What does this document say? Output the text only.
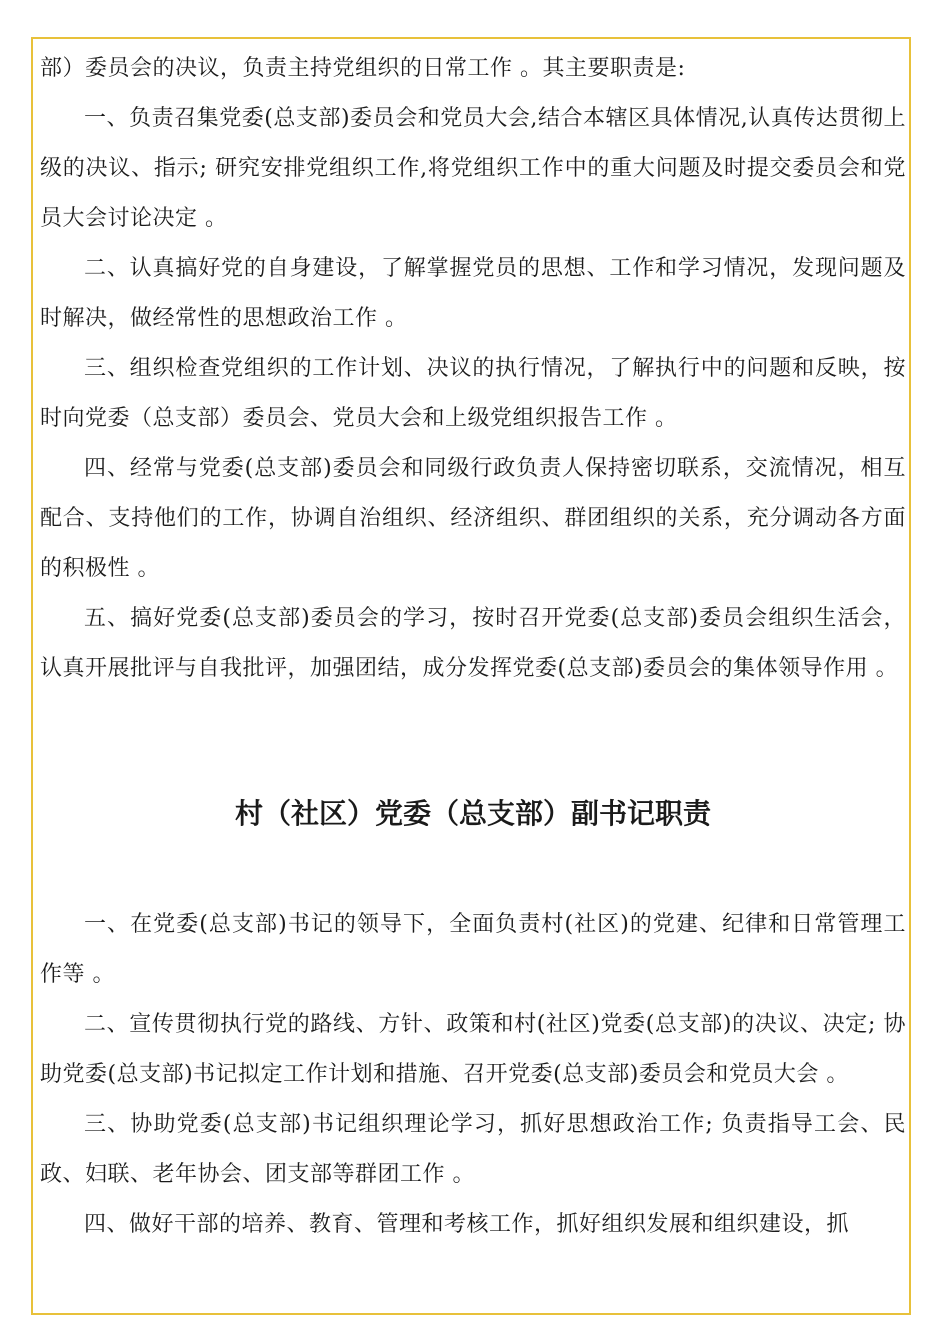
部）委员会的决议，负责主持党组织的日常工作 。其主要职责是:

一、负责召集党委(总支部)委员会和党员大会,结合本辖区具体情况,认真传达贯彻上级的决议、指示; 研究安排党组织工作,将党组织工作中的重大问题及时提交委员会和党员大会讨论决定 。

二、认真搞好党的自身建设，了解掌握党员的思想、工作和学习情况，发现问题及时解决，做经常性的思想政治工作 。

三、组织检查党组织的工作计划、决议的执行情况，了解执行中的问题和反映，按时向党委（总支部）委员会、党员大会和上级党组织报告工作 。

四、经常与党委(总支部)委员会和同级行政负责人保持密切联系，交流情况，相互配合、支持他们的工作，协调自治组织、经济组织、群团组织的关系，充分调动各方面的积极性 。

五、搞好党委(总支部)委员会的学习，按时召开党委(总支部)委员会组织生活会，认真开展批评与自我批评，加强团结，成分发挥党委(总支部)委员会的集体领导作用 。

村（社区）党委（总支部）副书记职责

一、在党委(总支部)书记的领导下，全面负责村(社区)的党建、纪律和日常管理工作等 。

二、宣传贯彻执行党的路线、方针、政策和村(社区)党委(总支部)的决议、决定; 协助党委(总支部)书记拟定工作计划和措施、召开党委(总支部)委员会和党员大会 。

三、协助党委(总支部)书记组织理论学习，抓好思想政治工作; 负责指导工会、民政、妇联、老年协会、团支部等群团工作 。

四、做好干部的培养、教育、管理和考核工作，抓好组织发展和组织建设，抓
